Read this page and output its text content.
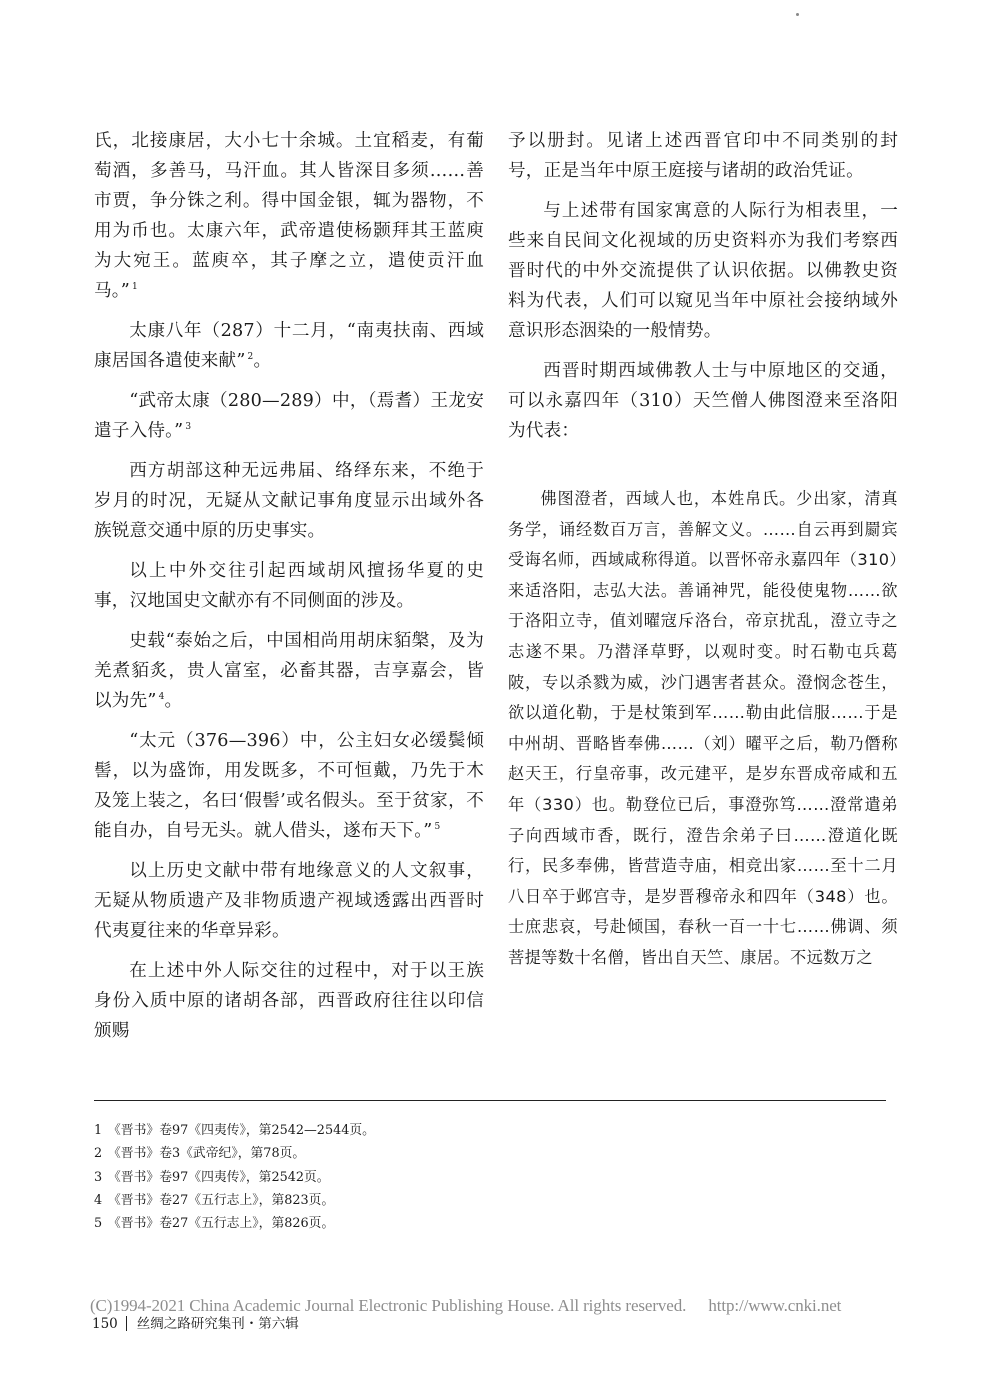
氏，北接康居，大小七十余城。土宜稻麦，有葡萄酒，多善马，马汗血。其人皆深目多须……善市贾，争分铢之利。得中国金银，辄为器物，不用为币也。太康六年，武帝遣使杨颢拜其王蓝庾为大宛王。蓝庾卒，其子摩之立，遣使贡汗血马。” $^1$

太康八年（287）十二月，“南夷扶南、西域康居国各遣使来献” $^2$。

“武帝太康（280—289）中，（焉耆）王龙安遣子入侍。” $^3$

西方胡部这种无远弗届、络绎东来，不绝于岁月的时况，无疑从文献记事角度显示出域外各族锐意交通中原的历史事实。

以上中外交往引起西域胡风擅扬华夏的史事，汉地国史文献亦有不同侧面的涉及。

史载“泰始之后，中国相尚用胡床貊槃，及为羌煮貊炙，贵人富室，必畜其器，吉享嘉会，皆以为先” $^4$。

“太元（376—396）中，公主妇女必缓鬓倾髻，以为盛饰，用发既多，不可恒戴，乃先于木及笼上装之，名曰‘假髻’或名假头。至于贫家，不能自办，自号无头。就人借头，遂布天下。” $^5$

以上历史文献中带有地缘意义的人文叙事，无疑从物质遗产及非物质遗产视域透露出西晋时代夷夏往来的华章异彩。

在上述中外人际交往的过程中，对于以王族身份入质中原的诸胡各部，西晋政府往往以印信颁赐

予以册封。见诸上述西晋官印中不同类别的封号，正是当年中原王庭接与诸胡的政治凭证。

与上述带有国家寓意的人际行为相表里，一些来自民间文化视域的历史资料亦为我们考察西晋时代的中外交流提供了认识依据。以佛教史资料为代表，人们可以窥见当年中原社会接纳域外意识形态洇染的一般情势。

西晋时期西域佛教人士与中原地区的交通，可以永嘉四年（310）天竺僧人佛图澄来至洛阳为代表：

佛图澄者，西域人也，本姓帛氏。少出家，清真务学，诵经数百万言，善解文义。……自云再到罽宾受诲名师，西域咸称得道。以晋怀帝永嘉四年（310）来适洛阳，志弘大法。善诵神咒，能役使鬼物……欲于洛阳立寺，值刘曜寇斥洛台，帝京扰乱，澄立寺之志遂不果。乃潜泽草野，以观时变。时石勒屯兵葛陂，专以杀戮为威，沙门遇害者甚众。澄悯念苍生，欲以道化勒，于是杖策到军……勒由此信服……于是中州胡、晋略皆奉佛……（刘）曜平之后，勒乃僭称赵天王，行皇帝事，改元建平，是岁东晋成帝咸和五年（330）也。勒登位已后，事澄弥笃……澄常遣弟子向西域市香，既行，澄告余弟子曰……澄道化既行，民多奉佛，皆营造寺庙，相竞出家……至十二月八日卒于邺宫寺，是岁晋穆帝永和四年（348）也。士庶悲哀，号赴倾国，春秋一百一十七……佛调、须菩提等数十名僧，皆出自天竺、康居。不远数万之

1 《晋书》卷97《四夷传》，第2542—2544页。
2 《晋书》卷3《武帝纪》，第78页。
3 《晋书》卷97《四夷传》，第2542页。
4 《晋书》卷27《五行志上》，第823页。
5 《晋书》卷27《五行志上》，第826页。
(C)1994-2021 China Academic Journal Electronic Publishing House. All rights reserved. http://www.cnki.net
150 丝绸之路研究集刊・第六辑
